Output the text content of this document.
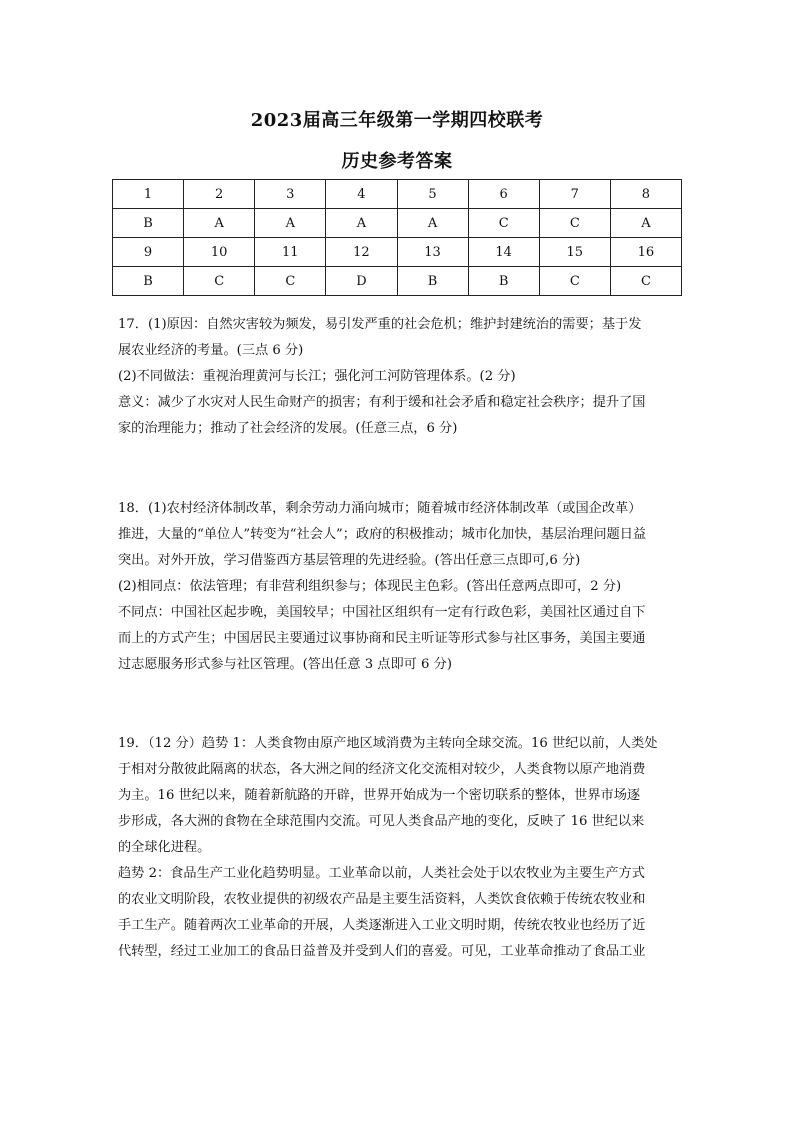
2023届高三年级第一学期四校联考
历史参考答案
1	2	3	4	5	6	7	8
B	A	A	A	A	C	C	A
9	10	11	12	13	14	15	16
B	C	C	D	B	B	C	C
17．(1)原因：自然灾害较为频发，易引发严重的社会危机；维护封建统治的需要；基于发
展农业经济的考量。(三点 6 分)
(2)不同做法：重视治理黄河与长江；强化河工河防管理体系。(2 分)
意义：减少了水灾对人民生命财产的损害；有利于缓和社会矛盾和稳定社会秩序；提升了国
家的治理能力；推动了社会经济的发展。(任意三点，6 分)
18．(1)农村经济体制改革，剩余劳动力涌向城市；随着城市经济体制改革（或国企改革）
推进，大量的“单位人”转变为“社会人”；政府的积极推动；城市化加快，基层治理问题日益
突出。对外开放，学习借鉴西方基层管理的先进经验。(答出任意三点即可,6 分)
(2)相同点：依法管理；有非营利组织参与；体现民主色彩。(答出任意两点即可，2 分)
不同点：中国社区起步晚，美国较早；中国社区组织有一定有行政色彩，美国社区通过自下
而上的方式产生；中国居民主要通过议事协商和民主听证等形式参与社区事务，美国主要通
过志愿服务形式参与社区管理。(答出任意 3 点即可 6 分)
19．（12 分）趋势 1：人类食物由原产地区域消费为主转向全球交流。16 世纪以前，人类处
于相对分散彼此隔离的状态，各大洲之间的经济文化交流相对较少，人类食物以原产地消费
为主。16 世纪以来，随着新航路的开辟，世界开始成为一个密切联系的整体，世界市场逐
步形成，各大洲的食物在全球范围内交流。可见人类食品产地的变化，反映了 16 世纪以来
的全球化进程。
趋势 2：食品生产工业化趋势明显。工业革命以前，人类社会处于以农牧业为主要生产方式
的农业文明阶段，农牧业提供的初级农产品是主要生活资料，人类饮食依赖于传统农牧业和
手工生产。随着两次工业革命的开展，人类逐渐进入工业文明时期，传统农牧业也经历了近
代转型，经过工业加工的食品日益普及并受到人们的喜爱。可见，工业革命推动了食品工业
